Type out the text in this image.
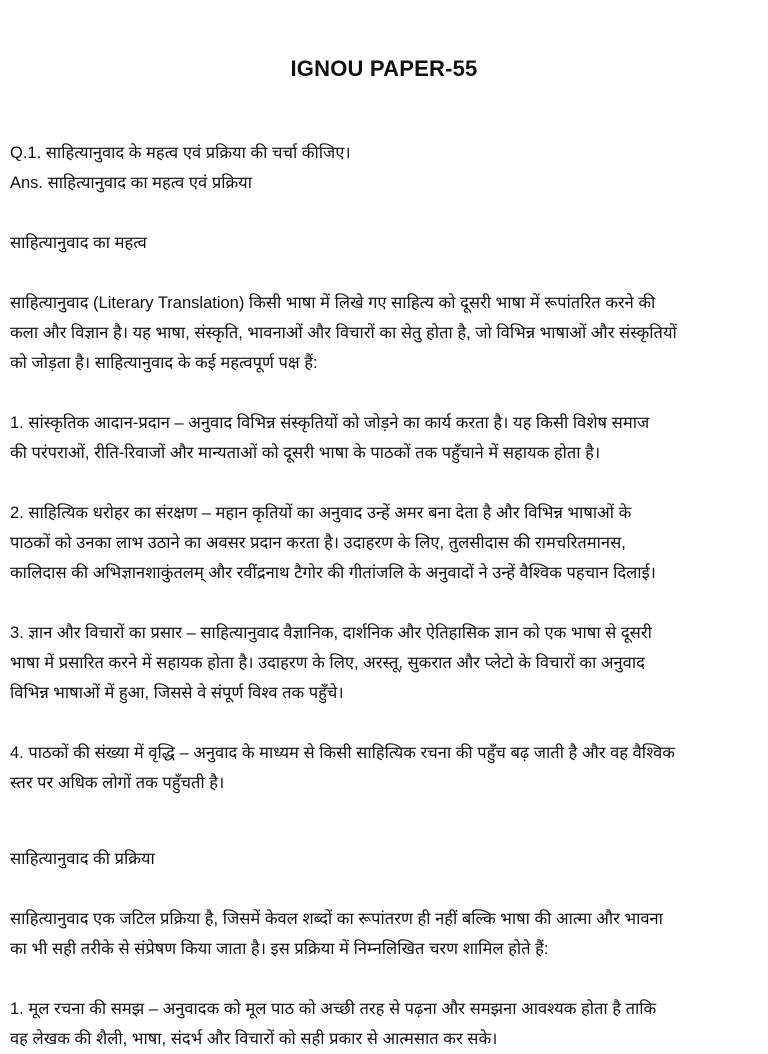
IGNOU PAPER-55

Q.1. साहित्यानुवाद के महत्व एवं प्रक्रिया की चर्चा कीजिए।

Ans. साहित्यानुवाद का महत्व एवं प्रक्रिया

साहित्यानुवाद का महत्व

साहित्यानुवाद (Literary Translation) किसी भाषा में लिखे गए साहित्य को दूसरी भाषा में रूपांतरित करने की

कला और विज्ञान है। यह भाषा, संस्कृति, भावनाओं और विचारों का सेतु होता है, जो विभिन्न भाषाओं और संस्कृतियों

को जोड़ता है। साहित्यानुवाद के कई महत्वपूर्ण पक्ष हैं:

1. सांस्कृतिक आदान-प्रदान – अनुवाद विभिन्न संस्कृतियों को जोड़ने का कार्य करता है। यह किसी विशेष समाज

की परंपराओं, रीति-रिवाजों और मान्यताओं को दूसरी भाषा के पाठकों तक पहुँचाने में सहायक होता है।

2. साहित्यिक धरोहर का संरक्षण – महान कृतियों का अनुवाद उन्हें अमर बना देता है और विभिन्न भाषाओं के

पाठकों को उनका लाभ उठाने का अवसर प्रदान करता है। उदाहरण के लिए, तुलसीदास की रामचरितमानस,

कालिदास की अभिज्ञानशाकुंतलम् और रवींद्रनाथ टैगोर की गीतांजलि के अनुवादों ने उन्हें वैश्विक पहचान दिलाई।

3. ज्ञान और विचारों का प्रसार – साहित्यानुवाद वैज्ञानिक, दार्शनिक और ऐतिहासिक ज्ञान को एक भाषा से दूसरी

भाषा में प्रसारित करने में सहायक होता है। उदाहरण के लिए, अरस्तू, सुकरात और प्लेटो के विचारों का अनुवाद

विभिन्न भाषाओं में हुआ, जिससे वे संपूर्ण विश्व तक पहुँचे।

4. पाठकों की संख्या में वृद्धि – अनुवाद के माध्यम से किसी साहित्यिक रचना की पहुँच बढ़ जाती है और वह वैश्विक

स्तर पर अधिक लोगों तक पहुँचती है।

साहित्यानुवाद की प्रक्रिया

साहित्यानुवाद एक जटिल प्रक्रिया है, जिसमें केवल शब्दों का रूपांतरण ही नहीं बल्कि भाषा की आत्मा और भावना

का भी सही तरीके से संप्रेषण किया जाता है। इस प्रक्रिया में निम्नलिखित चरण शामिल होते हैं:

1. मूल रचना की समझ – अनुवादक को मूल पाठ को अच्छी तरह से पढ़ना और समझना आवश्यक होता है ताकि

वह लेखक की शैली, भाषा, संदर्भ और विचारों को सही प्रकार से आत्मसात कर सके।
